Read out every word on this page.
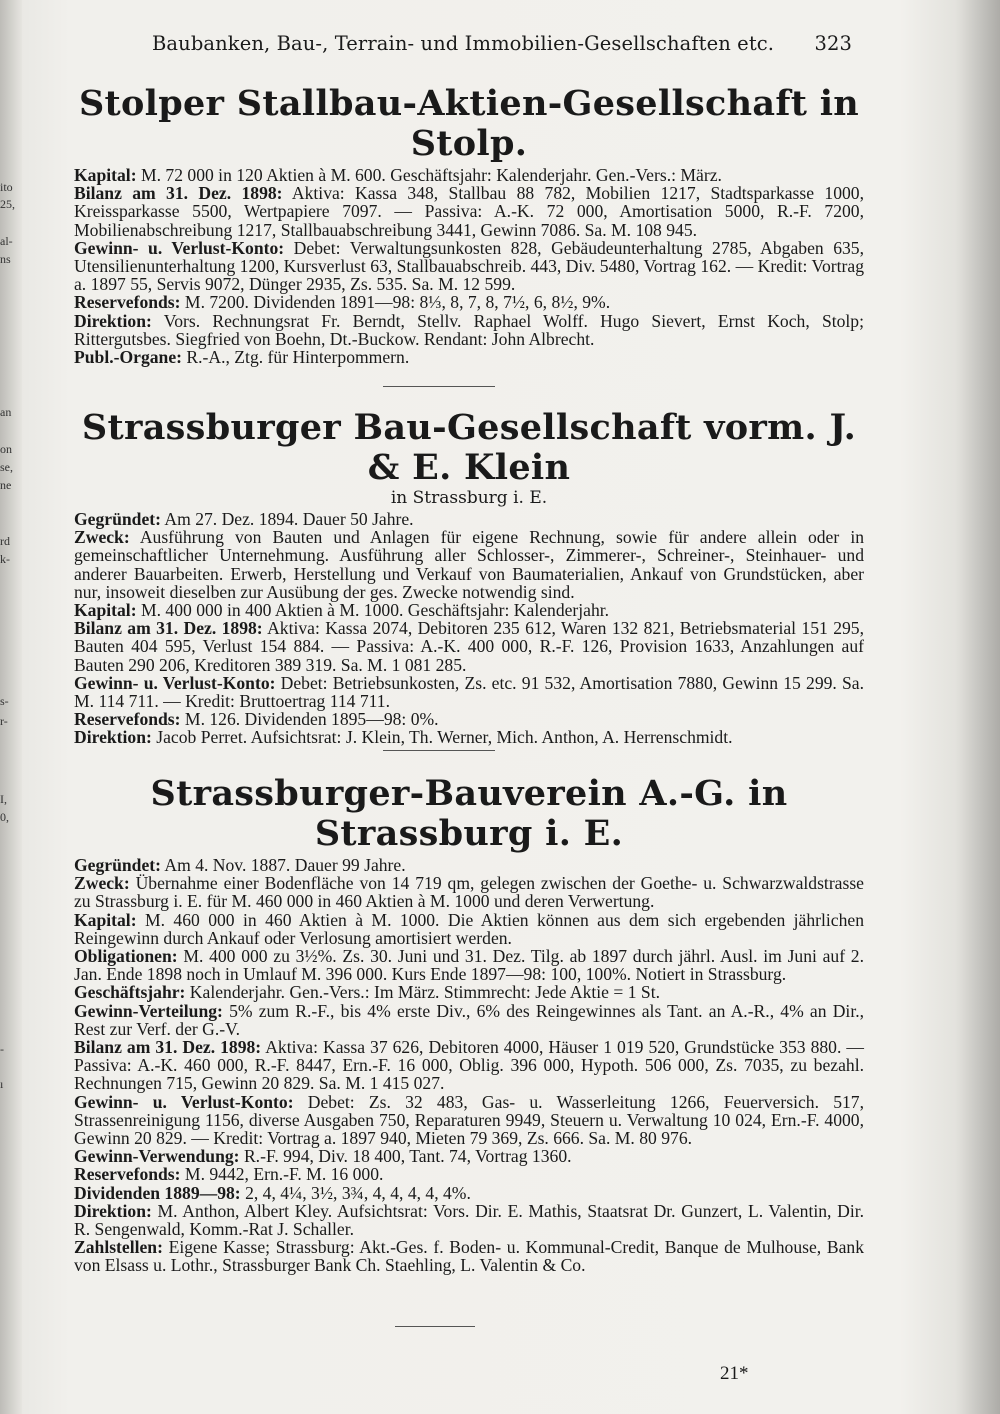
ito
25,
al-
ns
an
on
se,
ne
rd
k-
s-
r-
I,
0,
-
ı
Baubanken, Bau-, Terrain- und Immobilien-Gesellschaften etc. 323
Stolper Stallbau-Aktien-Gesellschaft in Stolp.

Kapital: M. 72 000 in 120 Aktien à M. 600. Geschäftsjahr: Kalenderjahr. Gen.-Vers.: März.

Bilanz am 31. Dez. 1898: Aktiva: Kassa 348, Stallbau 88 782, Mobilien 1217, Stadtsparkasse 1000, Kreissparkasse 5500, Wertpapiere 7097. — Passiva: A.-K. 72 000, Amortisation 5000, R.-F. 7200, Mobilienabschreibung 1217, Stallbauabschreibung 3441, Gewinn 7086. Sa. M. 108 945.

Gewinn- u. Verlust-Konto: Debet: Verwaltungsunkosten 828, Gebäudeunterhaltung 2785, Abgaben 635, Utensilienunterhaltung 1200, Kursverlust 63, Stallbauabschreib. 443, Div. 5480, Vortrag 162. — Kredit: Vortrag a. 1897 55, Servis 9072, Dünger 2935, Zs. 535. Sa. M. 12 599.

Reservefonds: M. 7200. Dividenden 1891—98: 8⅓, 8, 7, 8, 7½, 6, 8½, 9%.

Direktion: Vors. Rechnungsrat Fr. Berndt, Stellv. Raphael Wolff. Hugo Sievert, Ernst Koch, Stolp; Rittergutsbes. Siegfried von Boehn, Dt.-Buckow. Rendant: John Albrecht.

Publ.-Organe: R.-A., Ztg. für Hinterpommern.

Strassburger Bau-Gesellschaft vorm. J. & E. Klein
in Strassburg i. E.

Gegründet: Am 27. Dez. 1894. Dauer 50 Jahre.

Zweck: Ausführung von Bauten und Anlagen für eigene Rechnung, sowie für andere allein oder in gemeinschaftlicher Unternehmung. Ausführung aller Schlosser-, Zimmerer-, Schreiner-, Steinhauer- und anderer Bauarbeiten. Erwerb, Herstellung und Verkauf von Baumaterialien, Ankauf von Grundstücken, aber nur, insoweit dieselben zur Ausübung der ges. Zwecke notwendig sind.

Kapital: M. 400 000 in 400 Aktien à M. 1000. Geschäftsjahr: Kalenderjahr.

Bilanz am 31. Dez. 1898: Aktiva: Kassa 2074, Debitoren 235 612, Waren 132 821, Betriebsmaterial 151 295, Bauten 404 595, Verlust 154 884. — Passiva: A.-K. 400 000, R.-F. 126, Provision 1633, Anzahlungen auf Bauten 290 206, Kreditoren 389 319. Sa. M. 1 081 285.

Gewinn- u. Verlust-Konto: Debet: Betriebsunkosten, Zs. etc. 91 532, Amortisation 7880, Gewinn 15 299. Sa. M. 114 711. — Kredit: Bruttoertrag 114 711.

Reservefonds: M. 126. Dividenden 1895—98: 0%.

Direktion: Jacob Perret. Aufsichtsrat: J. Klein, Th. Werner, Mich. Anthon, A. Herrenschmidt.

Strassburger-Bauverein A.-G. in Strassburg i. E.

Gegründet: Am 4. Nov. 1887. Dauer 99 Jahre.

Zweck: Übernahme einer Bodenfläche von 14 719 qm, gelegen zwischen der Goethe- u. Schwarzwaldstrasse zu Strassburg i. E. für M. 460 000 in 460 Aktien à M. 1000 und deren Verwertung.

Kapital: M. 460 000 in 460 Aktien à M. 1000. Die Aktien können aus dem sich ergebenden jährlichen Reingewinn durch Ankauf oder Verlosung amortisiert werden.

Obligationen: M. 400 000 zu 3½%. Zs. 30. Juni und 31. Dez. Tilg. ab 1897 durch jährl. Ausl. im Juni auf 2. Jan. Ende 1898 noch in Umlauf M. 396 000. Kurs Ende 1897—98: 100, 100%. Notiert in Strassburg.

Geschäftsjahr: Kalenderjahr. Gen.-Vers.: Im März. Stimmrecht: Jede Aktie = 1 St.

Gewinn-Verteilung: 5% zum R.-F., bis 4% erste Div., 6% des Reingewinnes als Tant. an A.-R., 4% an Dir., Rest zur Verf. der G.-V.

Bilanz am 31. Dez. 1898: Aktiva: Kassa 37 626, Debitoren 4000, Häuser 1 019 520, Grundstücke 353 880. — Passiva: A.-K. 460 000, R.-F. 8447, Ern.-F. 16 000, Oblig. 396 000, Hypoth. 506 000, Zs. 7035, zu bezahl. Rechnungen 715, Gewinn 20 829. Sa. M. 1 415 027.

Gewinn- u. Verlust-Konto: Debet: Zs. 32 483, Gas- u. Wasserleitung 1266, Feuerversich. 517, Strassenreinigung 1156, diverse Ausgaben 750, Reparaturen 9949, Steuern u. Verwaltung 10 024, Ern.-F. 4000, Gewinn 20 829. — Kredit: Vortrag a. 1897 940, Mieten 79 369, Zs. 666. Sa. M. 80 976.

Gewinn-Verwendung: R.-F. 994, Div. 18 400, Tant. 74, Vortrag 1360.

Reservefonds: M. 9442, Ern.-F. M. 16 000.

Dividenden 1889—98: 2, 4, 4¼, 3½, 3¾, 4, 4, 4, 4, 4%.

Direktion: M. Anthon, Albert Kley. Aufsichtsrat: Vors. Dir. E. Mathis, Staatsrat Dr. Gunzert, L. Valentin, Dir. R. Sengenwald, Komm.-Rat J. Schaller.

Zahlstellen: Eigene Kasse; Strassburg: Akt.-Ges. f. Boden- u. Kommunal-Credit, Banque de Mulhouse, Bank von Elsass u. Lothr., Strassburger Bank Ch. Staehling, L. Valentin & Co.

21*
